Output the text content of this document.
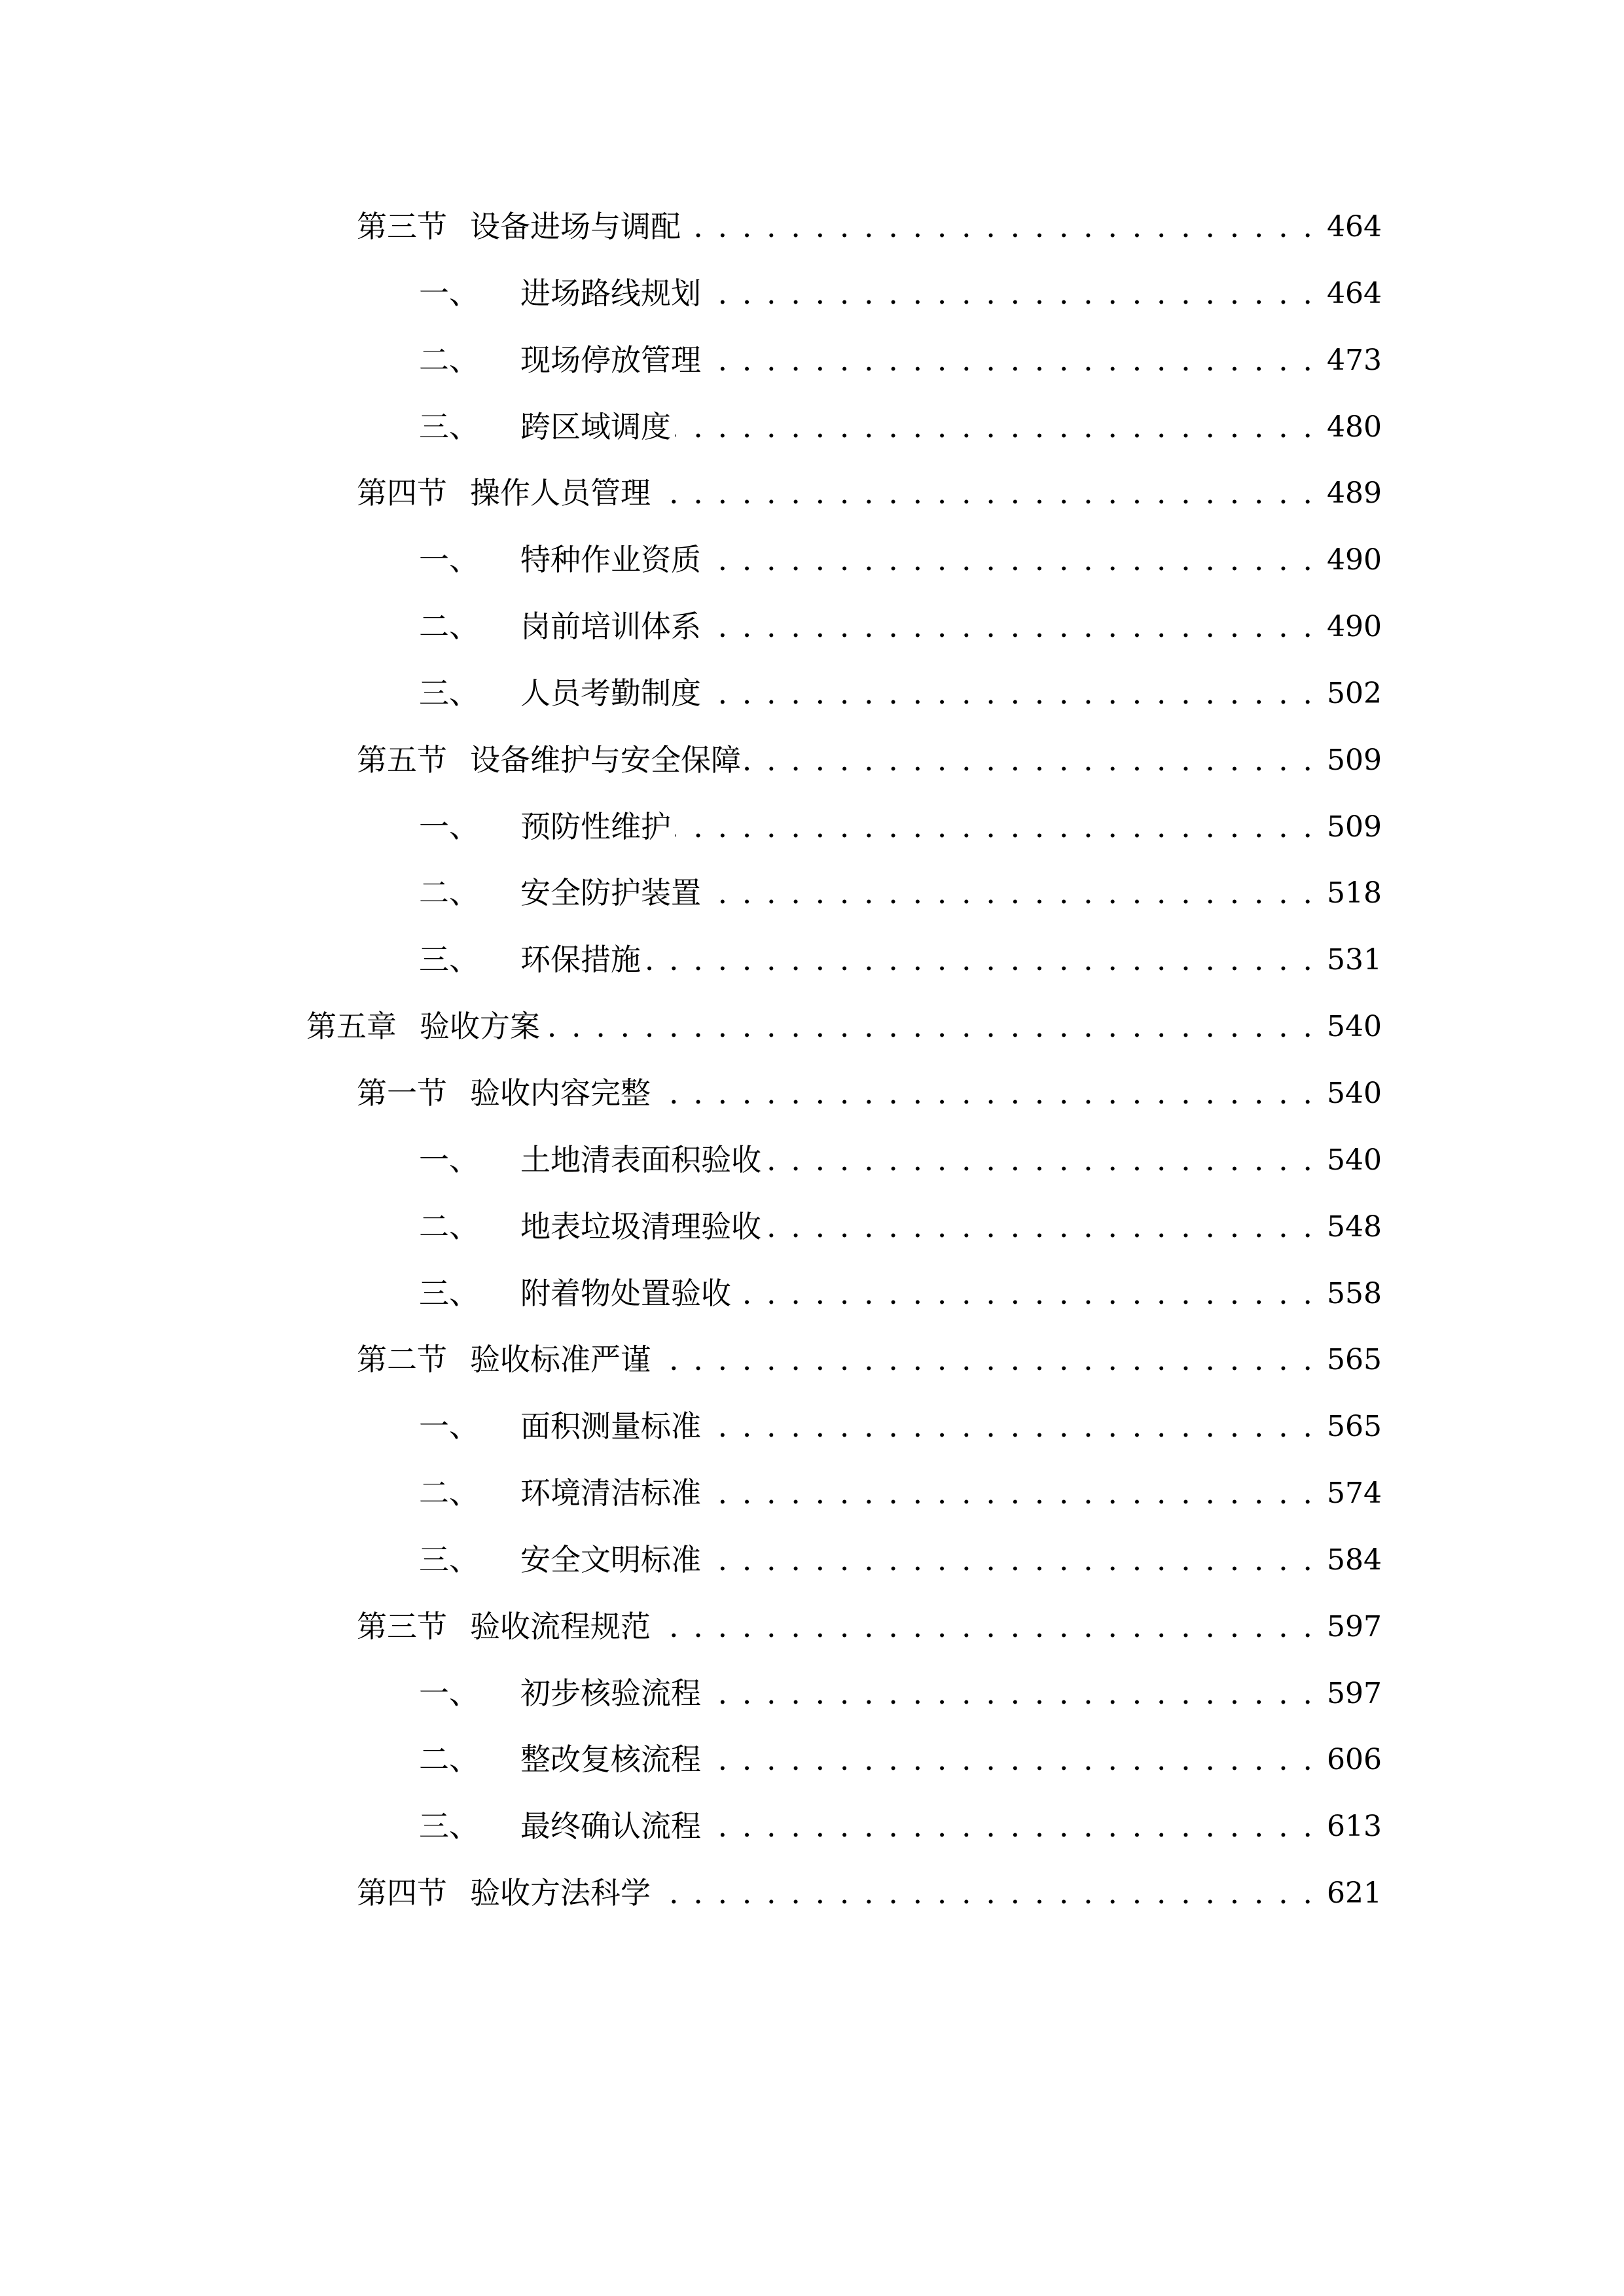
第三节 设备进场与调配 . . .	464
一、	进场路线规划 . . .	464
二、	现场停放管理 . . .	473
三、	跨区域调度 . . .	480
第四节 操作人员管理 . . .	489
一、	特种作业资质 . . .	490
二、	岗前培训体系 . . .	490
三、	人员考勤制度 . . .	502
第五节 设备维护与安全保障 . . .	509
一、	预防性维护 . . .	509
二、	安全防护装置 . . .	518
三、	环保措施 . . .	531
第五章 验收方案 . . .	540
第一节 验收内容完整 . . .	540
一、	土地清表面积验收 . . .	540
二、	地表垃圾清理验收 . . .	548
三、	附着物处置验收 . . .	558
第二节 验收标准严谨 . . .	565
一、	面积测量标准 . . .	565
二、	环境清洁标准 . . .	574
三、	安全文明标准 . . .	584
第三节 验收流程规范 . . .	597
一、	初步核验流程 . . .	597
二、	整改复核流程 . . .	606
三、	最终确认流程 . . .	613
第四节 验收方法科学 . . .	621
